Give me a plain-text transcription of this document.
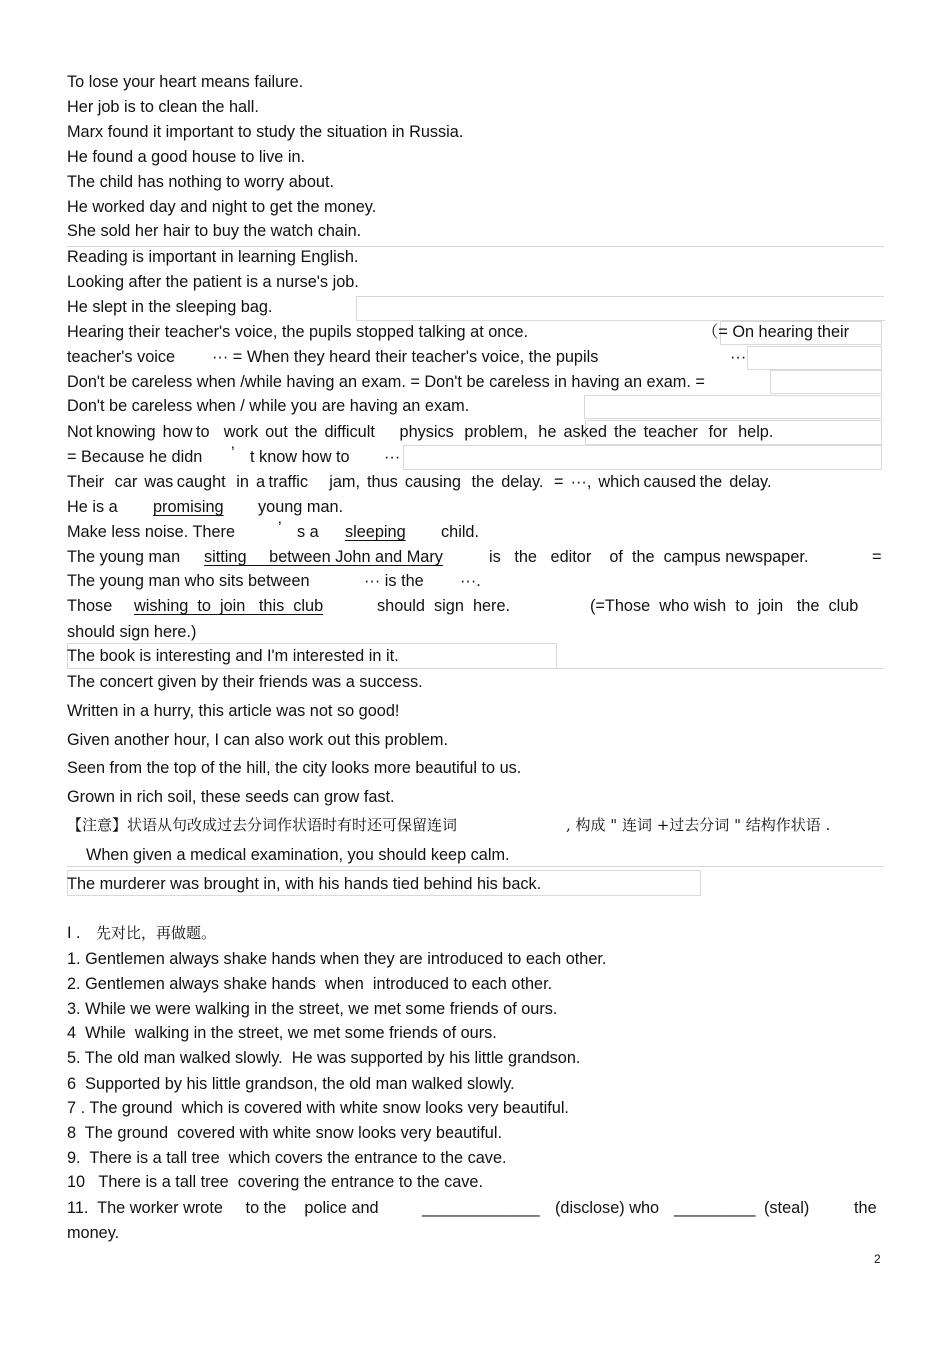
To lose your heart means failure.
Her job is to clean the hall.
Marx found it important to study the situation in Russia.
He found a good house to live in.
The child has nothing to worry about.
He worked day and night to get the money.
She sold her hair to buy the watch chain.
Reading is important in learning English.
Looking after the patient is a nurse's job.
He slept in the sleeping bag.
Hearing their teacher's voice, the pupils stopped talking at once.	（= On hearing their
teacher's voice ··· = When they heard their teacher's voice, the pupils	···
Don't be careless when /while having an exam. = Don't be careless in having an exam. =
Don't be careless when / while you are having an exam.
Not knowing  how to    work  out  the  difficult       physics   problem,   he  asked  the  teacher   for   help.
= Because he didn ’ t know how to ···
Their   car  was caught   in  a traffic      jam,  thus  causing   the  delay.   =  ···,  which caused the  delay.
He is a promising young man.
Make less noise. There	’ s a sleeping child.
The young man sitting     between John and Mary	is   the   editor    of  the  campus newspaper.	=
The young man who sits between	··· is the ···.
Those wishing  to  join   this  club	should  sign  here.	(=Those  who wish  to  join   the  club
should sign here.)
The book is interesting and I'm interested in it.
The concert given by their friends was a success.
Written in a hurry, this article was not so good!
Given another hour, I can also work out this problem.
Seen from the top of the hill, the city looks more beautiful to us.
Grown in rich soil, these seeds can grow fast.
【注意】状语从句改成过去分词作状语时有时还可保留连词	, 构成 " 连词 +过去分词 " 结构作状语 .
When given a medical examination, you should keep calm.
The murderer was brought in, with his hands tied behind his back.
I . 先对比，再做题。
1. Gentlemen always shake hands when they are introduced to each other.
2. Gentlemen always shake hands  when  introduced to each other.
3. While we were walking in the street, we met some friends of ours.
4  While  walking in the street, we met some friends of ours.
5. The old man walked slowly.  He was supported by his little grandson.
6  Supported by his little grandson, the old man walked slowly.
7 . The ground  which is covered with white snow looks very beautiful.
8  The ground  covered with white snow looks very beautiful.
9.  There is a tall tree  which covers the entrance to the cave.
10   There is a tall tree  covering the entrance to the cave.
11.  The worker wrote     to the    police and	_____________ (disclose) who _________ (steal)	the
money.
2
